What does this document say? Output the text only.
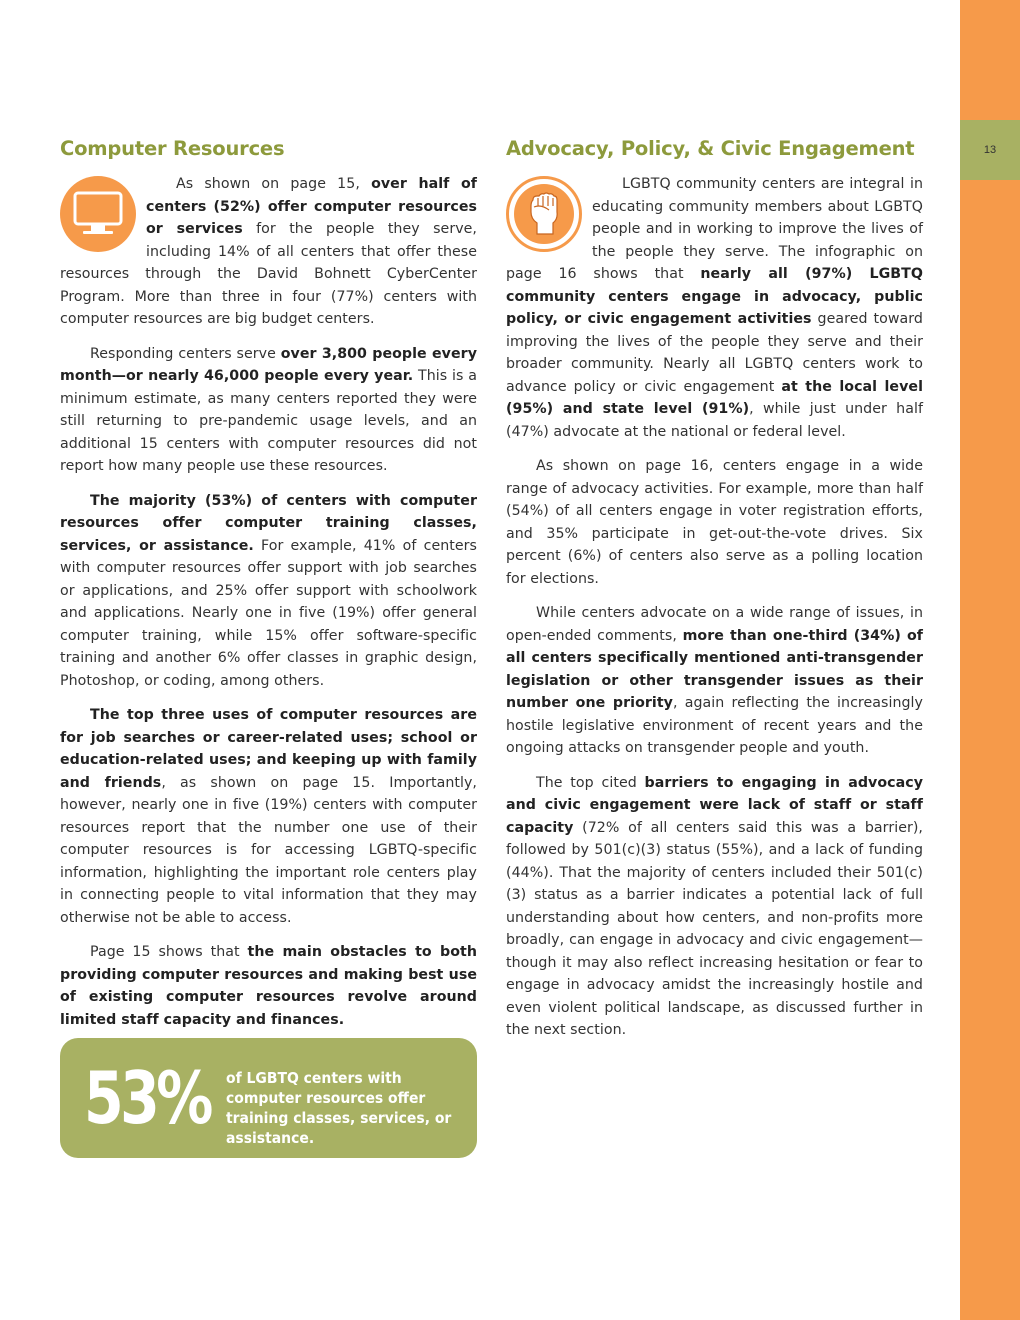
13
Computer Resources

As shown on page 15, over half of centers (52%) offer computer resources or services for the people they serve, including 14% of all centers that offer these resources through the David Bohnett CyberCenter Program. More than three in four (77%) centers with computer resources are big budget centers.

Responding centers serve over 3,800 people every month—or nearly 46,000 people every year. This is a minimum estimate, as many centers reported they were still returning to pre-pandemic usage levels, and an additional 15 centers with computer resources did not report how many people use these resources.

The majority (53%) of centers with computer resources offer computer training classes, services, or assistance. For example, 41% of centers with computer resources offer support with job searches or applications, and 25% offer support with schoolwork and applications. Nearly one in five (19%) offer general computer training, while 15% offer software-specific training and another 6% offer classes in graphic design, Photoshop, or coding, among others.

The top three uses of computer resources are for job searches or career-related uses; school or education-related uses; and keeping up with family and friends, as shown on page 15. Importantly, however, nearly one in five (19%) centers with computer resources report that the number one use of their computer resources is for accessing LGBTQ-specific information, highlighting the important role centers play in connecting people to vital information that they may otherwise not be able to access.

Page 15 shows that the main obstacles to both providing computer resources and making best use of existing computer resources revolve around limited staff capacity and finances.

53% of LGBTQ centers with computer resources offer training classes, services, or assistance.
Advocacy, Policy, & Civic Engagement

LGBTQ community centers are integral in educating community members about LGBTQ people and in working to improve the lives of the people they serve. The infographic on page 16 shows that nearly all (97%) LGBTQ community centers engage in advocacy, public policy, or civic engagement activities geared toward improving the lives of the people they serve and their broader community. Nearly all LGBTQ centers work to advance policy or civic engagement at the local level (95%) and state level (91%), while just under half (47%) advocate at the national or federal level.

As shown on page 16, centers engage in a wide range of advocacy activities. For example, more than half (54%) of all centers engage in voter registration efforts, and 35% participate in get-out-the-vote drives. Six percent (6%) of centers also serve as a polling location for elections.

While centers advocate on a wide range of issues, in open-ended comments, more than one-third (34%) of all centers specifically mentioned anti-transgender legislation or other transgender issues as their number one priority, again reflecting the increasingly hostile legislative environment of recent years and the ongoing attacks on transgender people and youth.

The top cited barriers to engaging in advocacy and civic engagement were lack of staff or staff capacity (72% of all centers said this was a barrier), followed by 501(c)(3) status (55%), and a lack of funding (44%). That the majority of centers included their 501(c)(3) status as a barrier indicates a potential lack of full understanding about how centers, and non-profits more broadly, can engage in advocacy and civic engagement—though it may also reflect increasing hesitation or fear to engage in advocacy amidst the increasingly hostile and even violent political landscape, as discussed further in the next section.
